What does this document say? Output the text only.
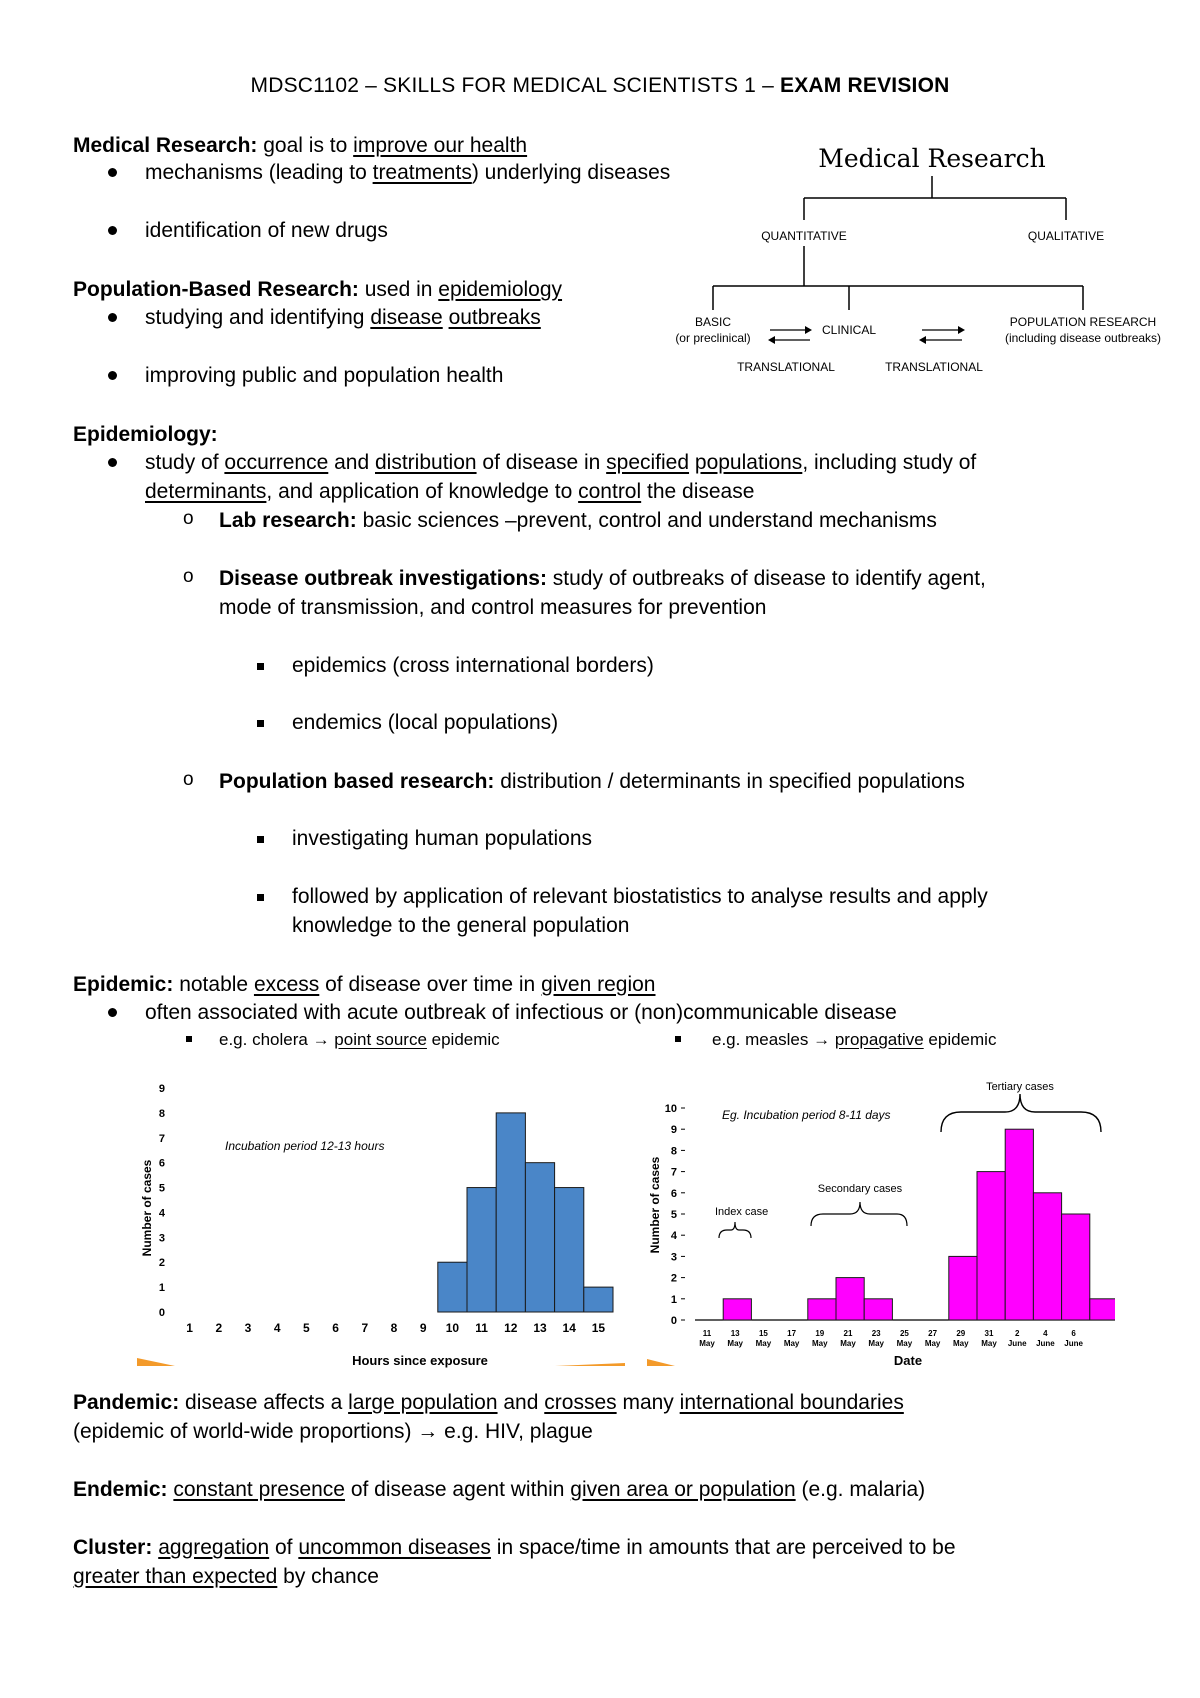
MDSC1102 – SKILLS FOR MEDICAL SCIENTISTS 1 – EXAM REVISION
Medical Research: goal is to improve our health
mechanisms (leading to treatments) underlying diseases
identification of new drugs
Population-Based Research: used in epidemiology
studying and identifying disease outbreaks
improving public and population health
Medical Research
QUANTITATIVE	QUALITATIVE
BASIC
(or preclinical)
CLINICAL
POPULATION RESEARCH
(including disease outbreaks)
TRANSLATIONAL	TRANSLATIONAL
Epidemiology:
study of occurrence and distribution of disease in specified populations, including study of
determinants, and application of knowledge to control the disease
o Lab research: basic sciences –prevent, control and understand mechanisms
o Disease outbreak investigations: study of outbreaks of disease to identify agent,
mode of transmission, and control measures for prevention
epidemics (cross international borders)
endemics (local populations)
o Population based research: distribution / determinants in specified populations
investigating human populations
followed by application of relevant biostatistics to analyse results and apply
knowledge to the general population
Epidemic: notable excess of disease over time in given region
often associated with acute outbreak of infectious or (non)communicable disease
e.g. cholera → point source epidemic	e.g. measles → propagative epidemic
Incubation period 12-13 hours
Hours since exposure
Number of cases
0
1
2
3
4
5
6
7
8
9
1 2 3 4 5 6 7 8 9 10 11 12 13 14 15
Eg. Incubation period 8-11 days
Index case
Secondary cases
Tertiary cases
Date
Number of cases
0
1
2
3
4
5
6
7
8
9
10
11
May
13
May
15
May
17
May
19
May
21
May
23
May
25
May
27
May
29
May
31
May
2
June
4
June
6
June
Pandemic: disease affects a large population and crosses many international boundaries
(epidemic of world-wide proportions) → e.g. HIV, plague
Endemic: constant presence of disease agent within given area or population (e.g. malaria)
Cluster: aggregation of uncommon diseases in space/time in amounts that are perceived to be
greater than expected by chance
